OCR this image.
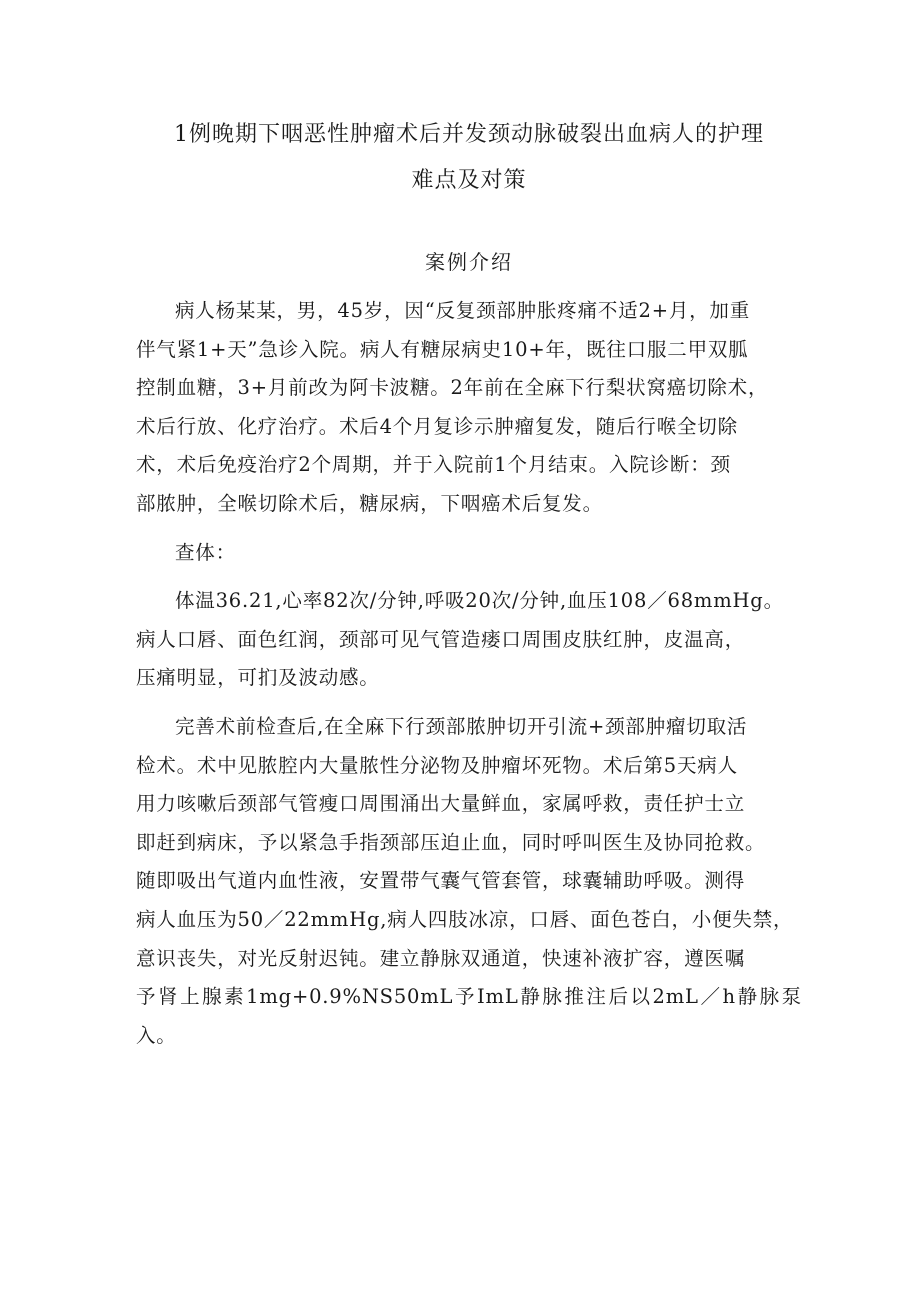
1例晚期下咽恶性肿瘤术后并发颈动脉破裂出血病人的护理
难点及对策
案例介绍

病人杨某某，男，45岁，因“反复颈部肿胀疼痛不适2+月，加重
伴气紧1+天”急诊入院。病人有糖尿病史10+年，既往口服二甲双胍
控制血糖，3+月前改为阿卡波糖。2年前在全麻下行梨状窝癌切除术，
术后行放、化疗治疗。术后4个月复诊示肿瘤复发，随后行喉全切除
术，术后免疫治疗2个周期，并于入院前1个月结束。入院诊断：颈
部脓肿，全喉切除术后，糖尿病，下咽癌术后复发。

查体：

体温36.21,心率82次/分钟,呼吸20次/分钟,血压108／68mmHg。
病人口唇、面色红润，颈部可见气管造瘘口周围皮肤红肿，皮温高，
压痛明显，可扪及波动感。

完善术前检查后,在全麻下行颈部脓肿切开引流+颈部肿瘤切取活
检术。术中见脓腔内大量脓性分泌物及肿瘤坏死物。术后第5天病人
用力咳嗽后颈部气管瘦口周围涌出大量鲜血，家属呼救，责任护士立
即赶到病床，予以紧急手指颈部压迫止血，同时呼叫医生及协同抢救。
随即吸出气道内血性液，安置带气囊气管套管，球囊辅助呼吸。测得
病人血压为50／22mmHg,病人四肢冰凉，口唇、面色苍白，小便失禁，
意识丧失，对光反射迟钝。建立静脉双通道，快速补液扩容，遵医嘱
予肾上腺素1mg+0.9%NS50mL予ImL静脉推注后以2mL／h静脉泵入。
